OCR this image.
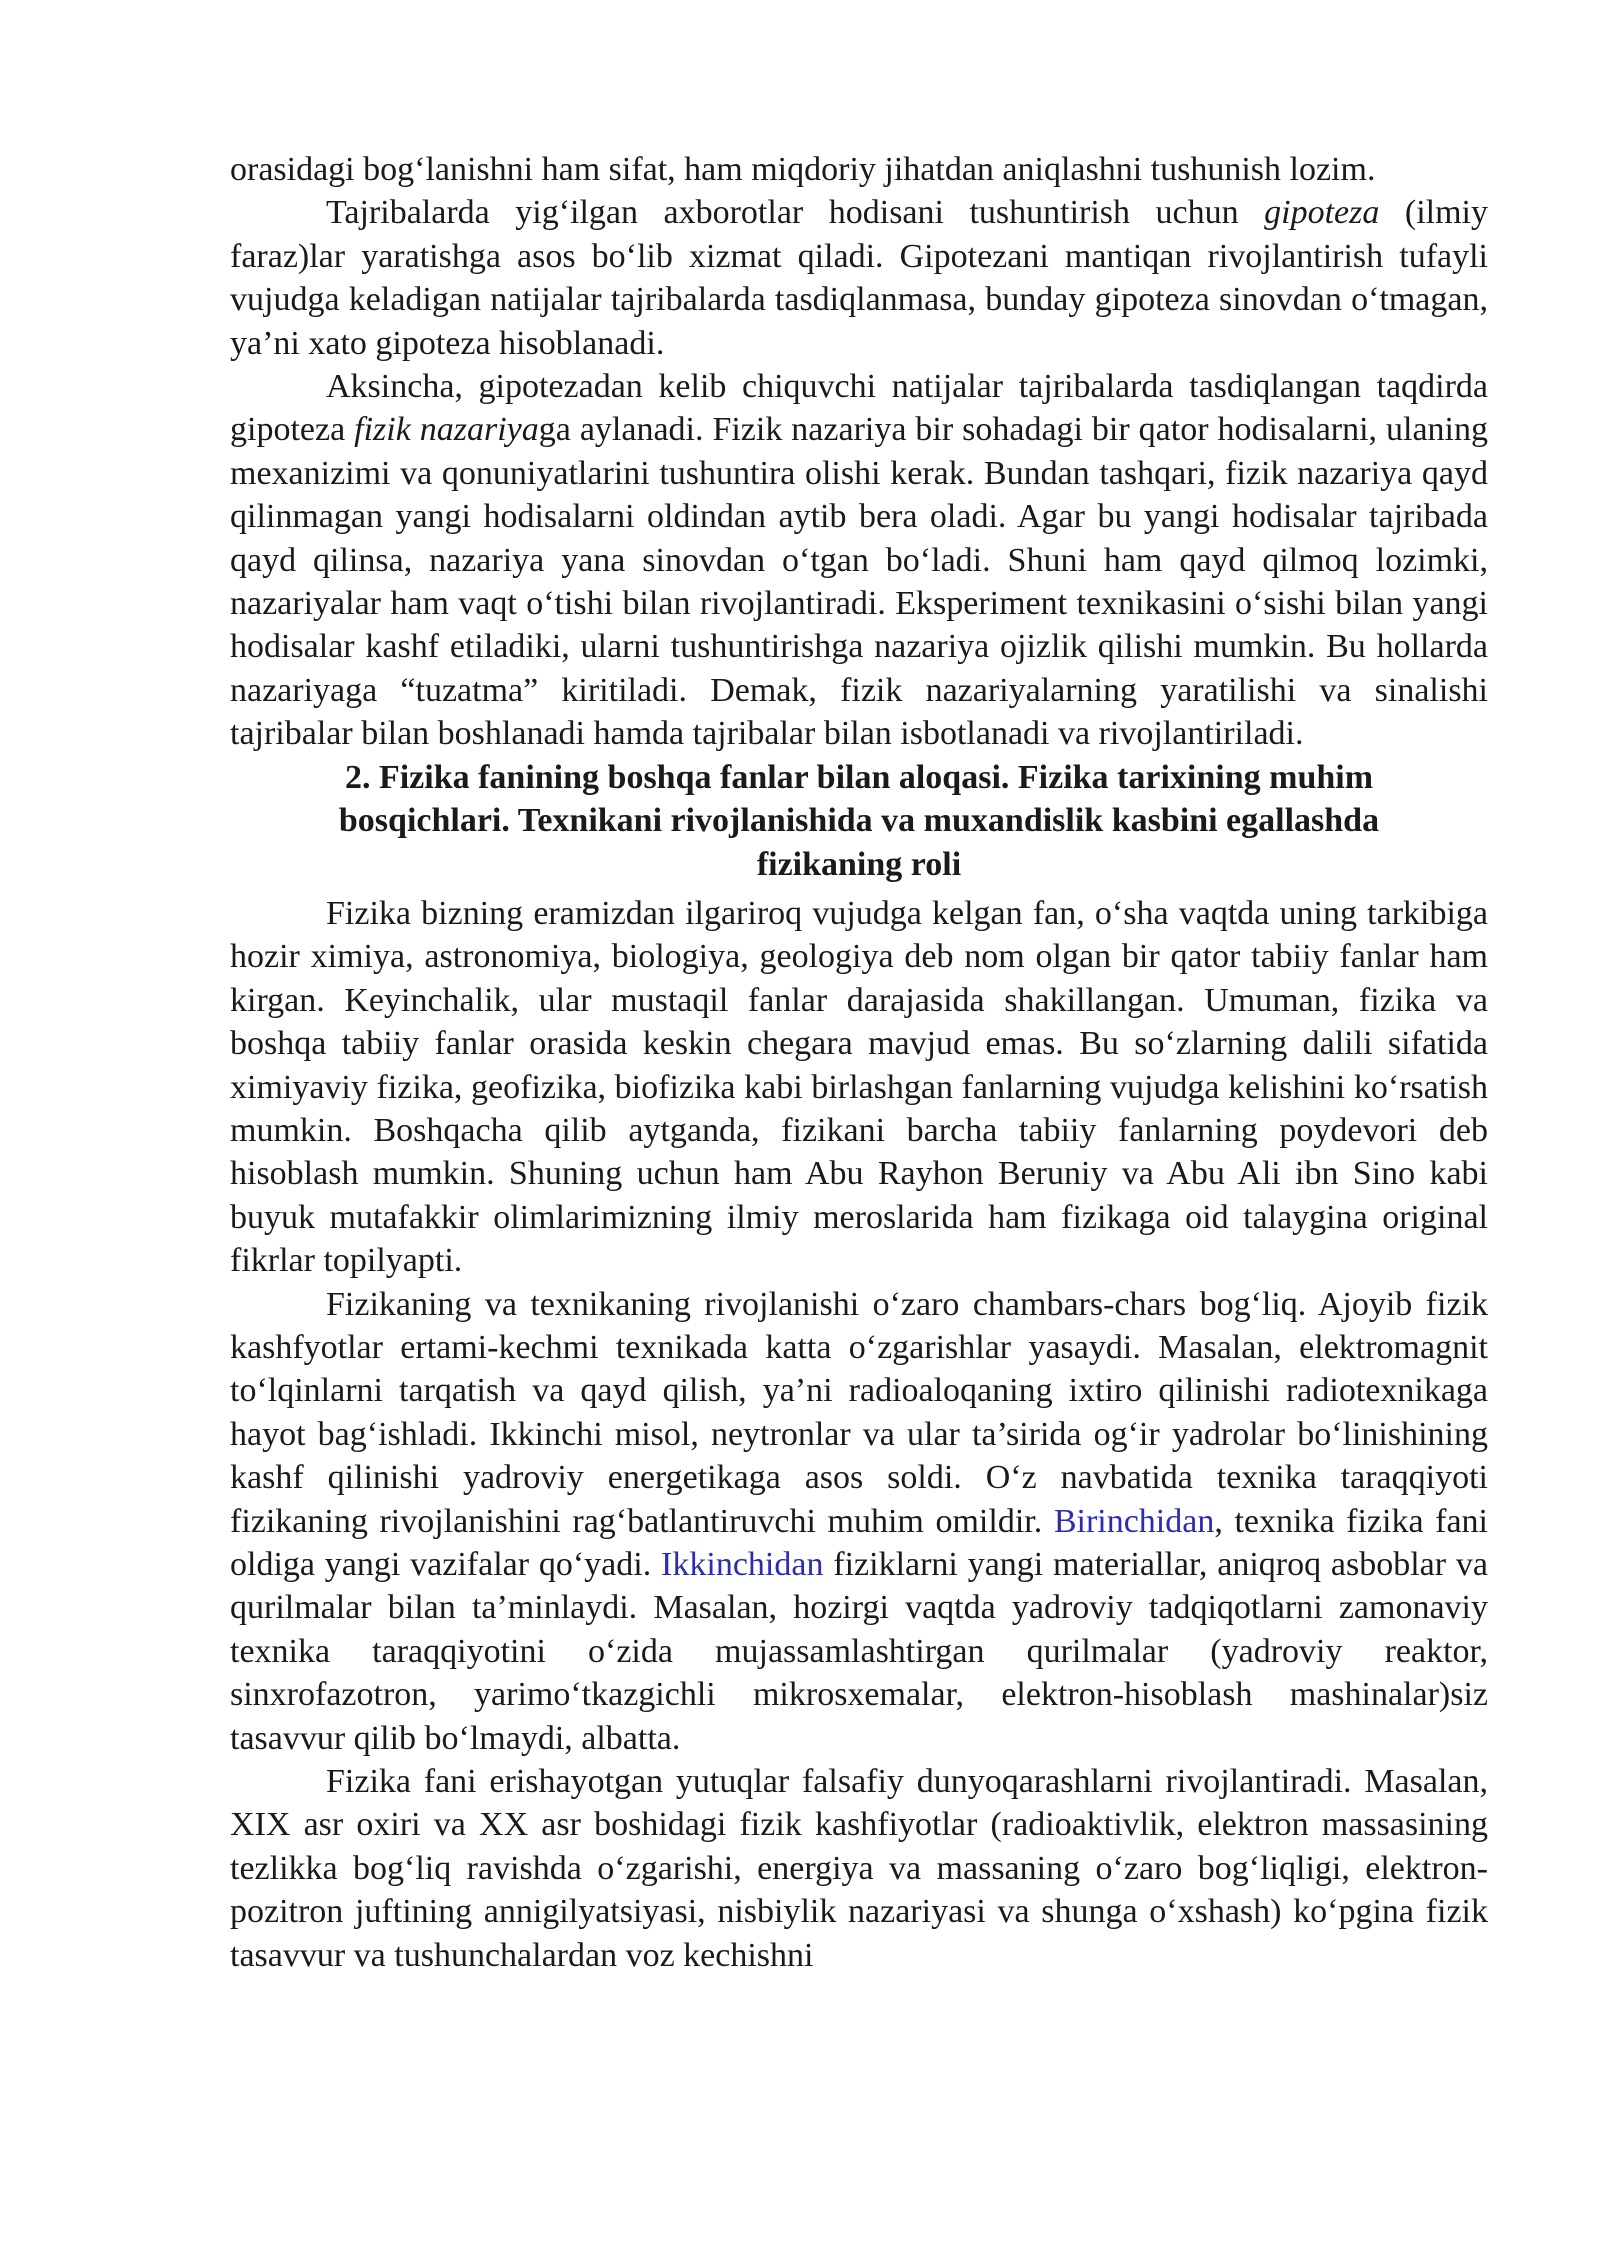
orasidagi bog‘lanishni ham sifat, ham miqdoriy jihatdan aniqlashni tushunish lozim.

Tajribalarda yig‘ilgan axborotlar hodisani tushuntirish uchun gipoteza (ilmiy faraz)lar yaratishga asos bo‘lib xizmat qiladi. Gipotezani mantiqan rivojlantirish tufayli vujudga keladigan natijalar tajribalarda tasdiqlanmasa, bunday gipoteza sinovdan o‘tmagan, ya’ni xato gipoteza hisoblanadi.

Aksincha, gipotezadan kelib chiquvchi natijalar tajribalarda tasdiqlangan taqdirda gipoteza fizik nazariyaga aylanadi. Fizik nazariya bir sohadagi bir qator hodisalarni, ulaning mexanizimi va qonuniyatlarini tushuntira olishi kerak. Bundan tashqari, fizik nazariya qayd qilinmagan yangi hodisalarni oldindan aytib bera oladi. Agar bu yangi hodisalar tajribada qayd qilinsa, nazariya yana sinovdan o‘tgan bo‘ladi. Shuni ham qayd qilmoq lozimki, nazariyalar ham vaqt o‘tishi bilan rivojlantiradi. Eksperiment texnikasini o‘sishi bilan yangi hodisalar kashf etiladiki, ularni tushuntirishga nazariya ojizlik qilishi mumkin. Bu hollarda nazariyaga “tuzatma” kiritiladi. Demak, fizik nazariyalarning yaratilishi va sinalishi tajribalar bilan boshlanadi hamda tajribalar bilan isbotlanadi va rivojlantiriladi.

2. Fizika fanining boshqa fanlar bilan aloqasi. Fizika tarixining muhim

bosqichlari. Texnikani rivojlanishida va muxandislik kasbini egallashda

fizikaning roli

Fizika bizning eramizdan ilgariroq vujudga kelgan fan, o‘sha vaqtda uning tarkibiga hozir ximiya, astronomiya, biologiya, geologiya deb nom olgan bir qator tabiiy fanlar ham kirgan. Keyinchalik, ular mustaqil fanlar darajasida shakillangan. Umuman, fizika va boshqa tabiiy fanlar orasida keskin chegara mavjud emas. Bu so‘zlarning dalili sifatida ximiyaviy fizika, geofizika, biofizika kabi birlashgan fanlarning vujudga kelishini ko‘rsatish mumkin. Boshqacha qilib aytganda, fizikani barcha tabiiy fanlarning poydevori deb hisoblash mumkin. Shuning uchun ham Abu Rayhon Beruniy va Abu Ali ibn Sino kabi buyuk mutafakkir olimlarimizning ilmiy meroslarida ham fizikaga oid talaygina original fikrlar topilyapti.

Fizikaning va texnikaning rivojlanishi o‘zaro chambars-chars bog‘liq. Ajoyib fizik kashfyotlar ertami-kechmi texnikada katta o‘zgarishlar yasaydi. Masalan, elektromagnit to‘lqinlarni tarqatish va qayd qilish, ya’ni radioaloqaning ixtiro qilinishi radiotexnikaga hayot bag‘ishladi. Ikkinchi misol, neytronlar va ular ta’sirida og‘ir yadrolar bo‘linishining kashf qilinishi yadroviy energetikaga asos soldi. O‘z navbatida texnika taraqqiyoti fizikaning rivojlanishini rag‘batlantiruvchi muhim omildir. Birinchidan, texnika fizika fani oldiga yangi vazifalar qo‘yadi. Ikkinchidan fiziklarni yangi materiallar, aniqroq asboblar va qurilmalar bilan ta’minlaydi. Masalan, hozirgi vaqtda yadroviy tadqiqotlarni zamonaviy texnika taraqqiyotini o‘zida mujassamlashtirgan qurilmalar (yadroviy reaktor, sinxrofazotron, yarimo‘tkazgichli mikrosxemalar, elektron-hisoblash mashinalar)siz tasavvur qilib bo‘lmaydi, albatta.

Fizika fani erishayotgan yutuqlar falsafiy dunyoqarashlarni rivojlantiradi. Masalan, XIX asr oxiri va XX asr boshidagi fizik kashfiyotlar (radioaktivlik, elektron massasining tezlikka bog‘liq ravishda o‘zgarishi, energiya va massaning o‘zaro bog‘liqligi, elektron-pozitron juftining annigilyatsiyasi, nisbiylik nazariyasi va shunga o‘xshash) ko‘pgina fizik tasavvur va tushunchalardan voz kechishni
